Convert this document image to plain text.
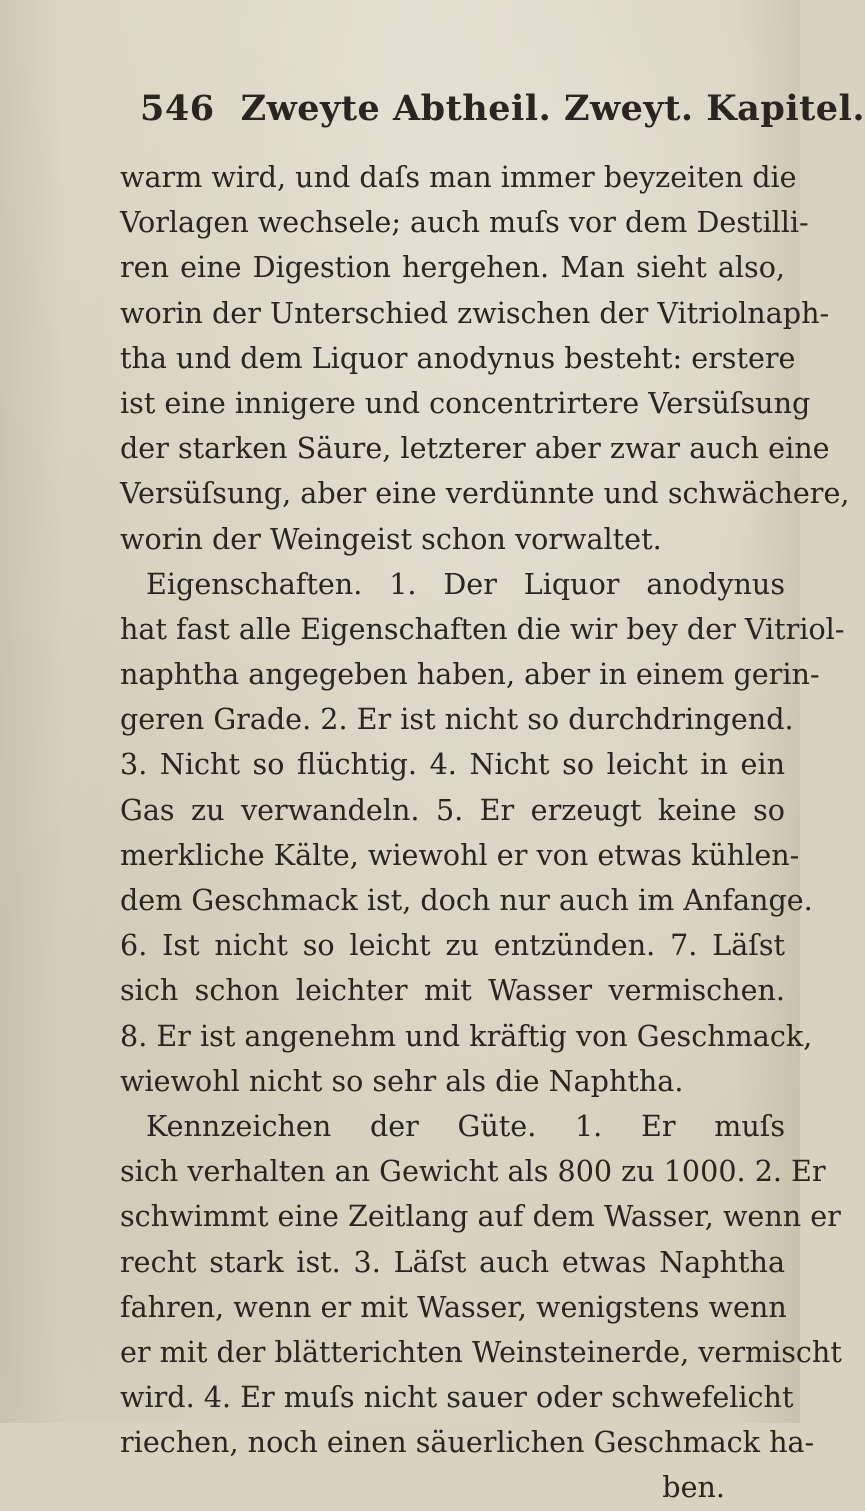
546 Zweyte Abtheil. Zweyt. Kapitel.
warm wird, und daſs man immer beyzeiten die
Vorlagen wechsele; auch muſs vor dem Destilli-
ren eine Digestion hergehen. Man sieht also,
worin der Unterschied zwischen der Vitriolnaph-
tha und dem Liquor anodynus besteht: erstere
ist eine innigere und concentrirtere Versüſsung
der starken Säure, letzterer aber zwar auch eine
Versüſsung, aber eine verdünnte und schwächere,
worin der Weingeist schon vorwaltet.
Eigenschaften. 1. Der Liquor anodynus
hat fast alle Eigenschaften die wir bey der Vitriol-
naphtha angegeben haben, aber in einem gerin-
geren Grade. 2. Er ist nicht so durchdringend.
3. Nicht so flüchtig. 4. Nicht so leicht in ein
Gas zu verwandeln. 5. Er erzeugt keine so
merkliche Kälte, wiewohl er von etwas kühlen-
dem Geschmack ist, doch nur auch im Anfange.
6. Ist nicht so leicht zu entzünden. 7. Läſst
sich schon leichter mit Wasser vermischen.
8. Er ist angenehm und kräftig von Geschmack,
wiewohl nicht so sehr als die Naphtha.
Kennzeichen der Güte. 1. Er muſs
sich verhalten an Gewicht als 800 zu 1000. 2. Er
schwimmt eine Zeitlang auf dem Wasser, wenn er
recht stark ist. 3. Läſst auch etwas Naphtha
fahren, wenn er mit Wasser, wenigstens wenn
er mit der blätterichten Weinsteinerde, vermischt
wird. 4. Er muſs nicht sauer oder schwefelicht
riechen, noch einen säuerlichen Geschmack ha-
ben.
